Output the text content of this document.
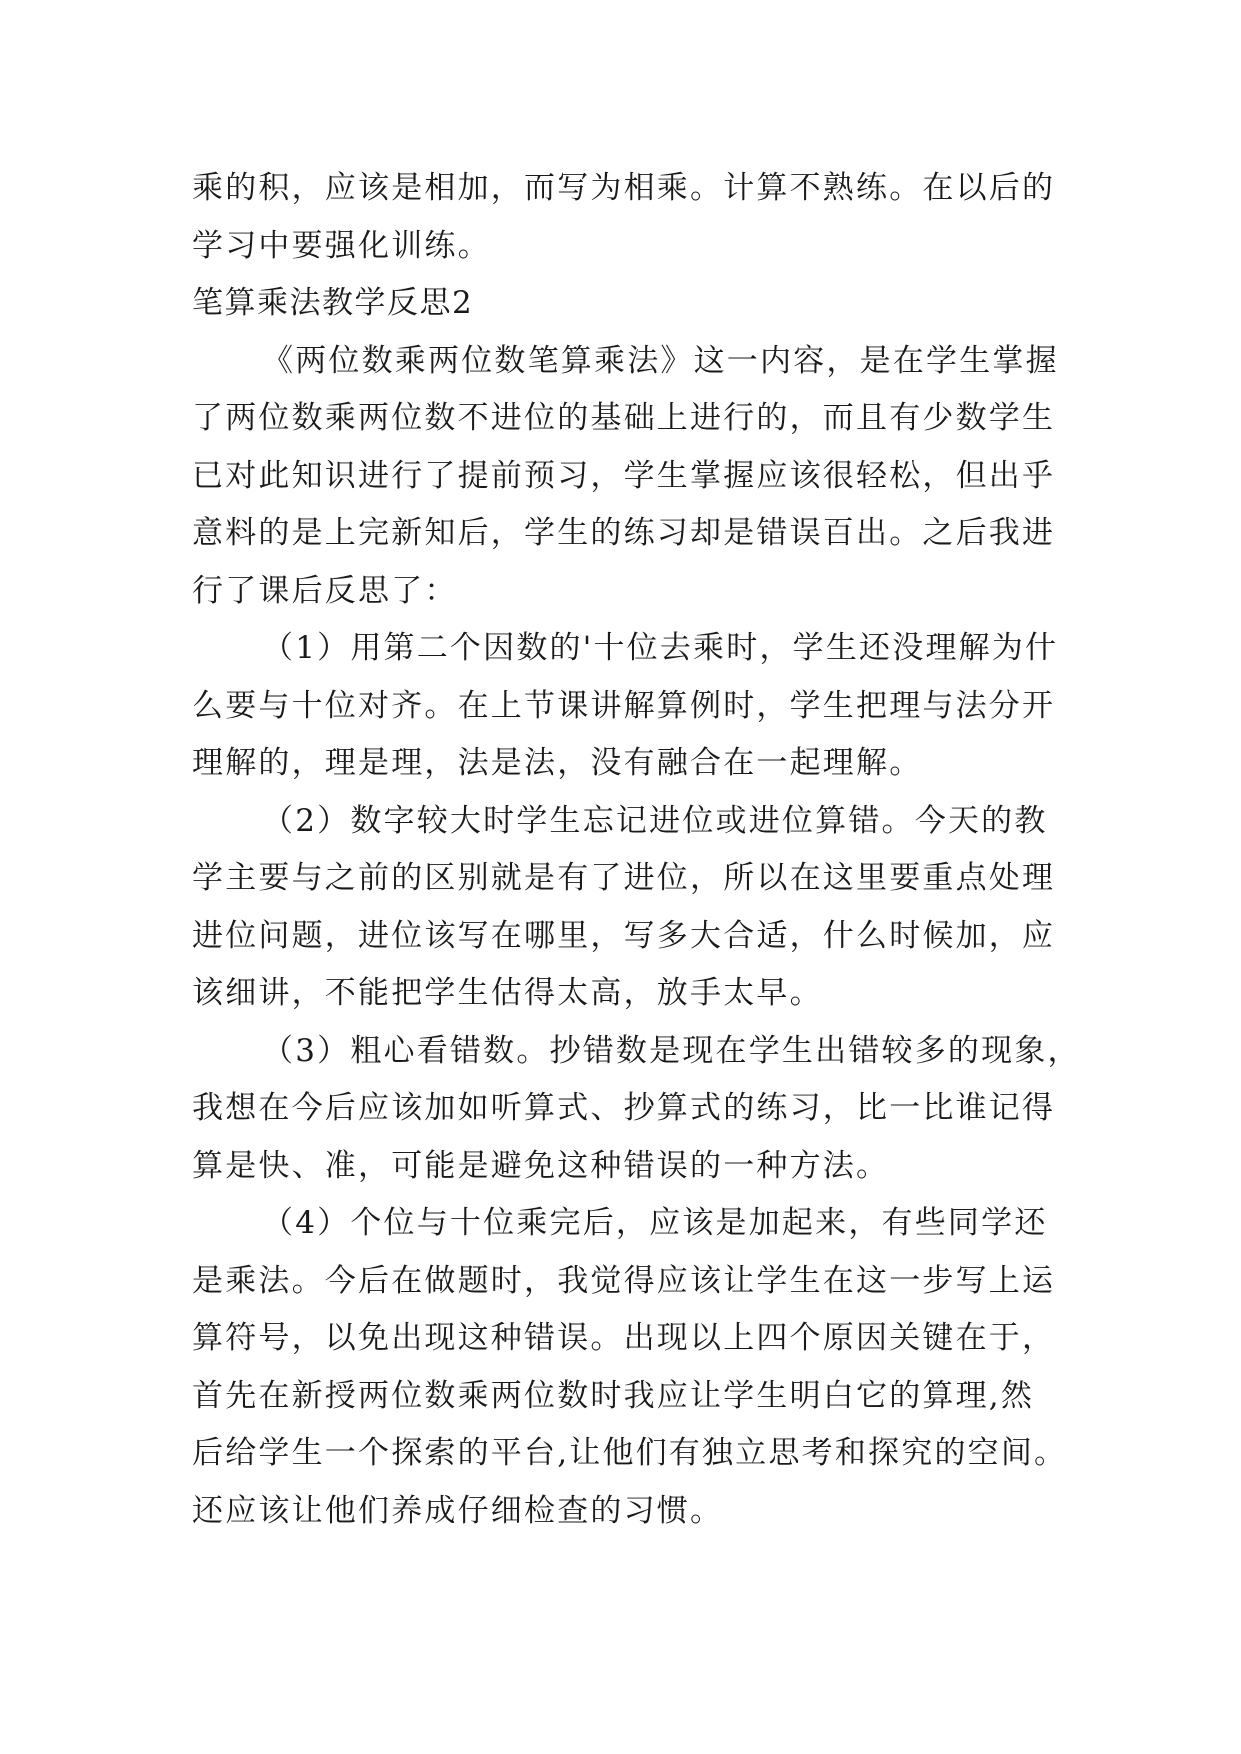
乘的积，应该是相加，而写为相乘。计算不熟练。在以后的
学习中要强化训练。
笔算乘法教学反思2
《两位数乘两位数笔算乘法》这一内容，是在学生掌握
了两位数乘两位数不进位的基础上进行的，而且有少数学生
已对此知识进行了提前预习，学生掌握应该很轻松，但出乎
意料的是上完新知后，学生的练习却是错误百出。之后我进
行了课后反思了：
（1）用第二个因数的'十位去乘时，学生还没理解为什
么要与十位对齐。在上节课讲解算例时，学生把理与法分开
理解的，理是理，法是法，没有融合在一起理解。
（2）数字较大时学生忘记进位或进位算错。今天的教
学主要与之前的区别就是有了进位，所以在这里要重点处理
进位问题，进位该写在哪里，写多大合适，什么时候加，应
该细讲，不能把学生估得太高，放手太早。
（3）粗心看错数。抄错数是现在学生出错较多的现象，
我想在今后应该加如听算式、抄算式的练习，比一比谁记得
算是快、准，可能是避免这种错误的一种方法。
（4）个位与十位乘完后，应该是加起来，有些同学还
是乘法。今后在做题时，我觉得应该让学生在这一步写上运
算符号，以免出现这种错误。出现以上四个原因关键在于，
首先在新授两位数乘两位数时我应让学生明白它的算理,然
后给学生一个探索的平台,让他们有独立思考和探究的空间。
还应该让他们养成仔细检查的习惯。
